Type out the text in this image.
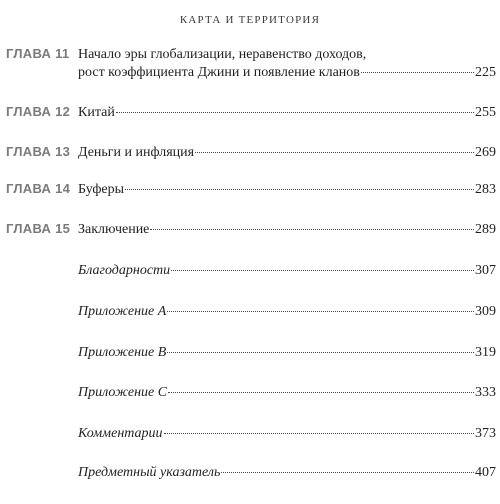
КАРТА И ТЕРРИТОРИЯ
ГЛАВА 11 Начало эры глобализации, неравенство доходов,
рост коэффициента Джини и появление кланов	225
ГЛАВА 12 Китай	255
ГЛАВА 13 Деньги и инфляция	269
ГЛАВА 14 Буферы	283
ГЛАВА 15 Заключение	289
Благодарности	307
Приложение А	309
Приложение В	319
Приложение С	333
Комментарии	373
Предметный указатель	407
